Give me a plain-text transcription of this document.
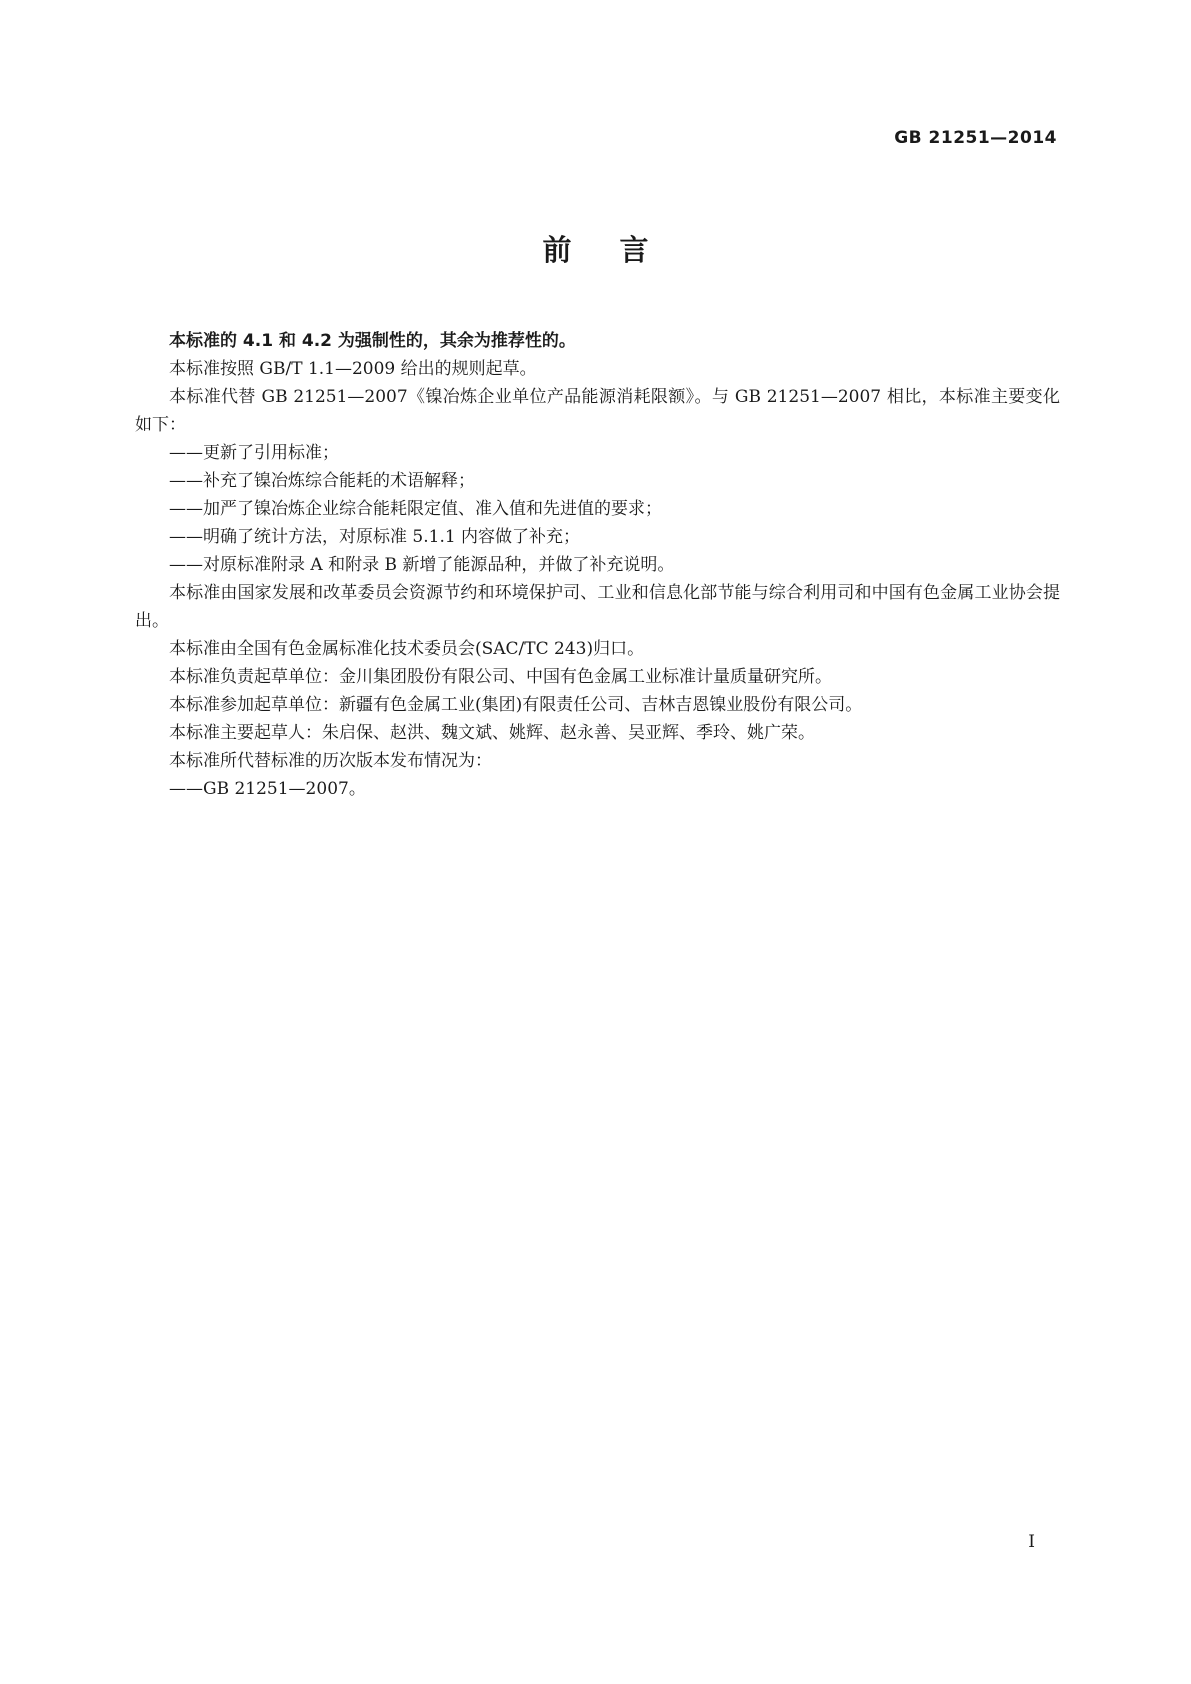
GB 21251—2014
前言

本标准的 4.1 和 4.2 为强制性的，其余为推荐性的。

本标准按照 GB/T 1.1—2009 给出的规则起草。

本标准代替 GB 21251—2007《镍冶炼企业单位产品能源消耗限额》。与 GB 21251—2007 相比，本标准主要变化如下：

——更新了引用标准；

——补充了镍冶炼综合能耗的术语解释；

——加严了镍冶炼企业综合能耗限定值、准入值和先进值的要求；

——明确了统计方法，对原标准 5.1.1 内容做了补充；

——对原标准附录 A 和附录 B 新增了能源品种，并做了补充说明。

本标准由国家发展和改革委员会资源节约和环境保护司、工业和信息化部节能与综合利用司和中国有色金属工业协会提出。

本标准由全国有色金属标准化技术委员会(SAC/TC 243)归口。

本标准负责起草单位：金川集团股份有限公司、中国有色金属工业标准计量质量研究所。

本标准参加起草单位：新疆有色金属工业(集团)有限责任公司、吉林吉恩镍业股份有限公司。

本标准主要起草人：朱启保、赵洪、魏文斌、姚辉、赵永善、吴亚辉、季玲、姚广荣。

本标准所代替标准的历次版本发布情况为：

——GB 21251—2007。

I
